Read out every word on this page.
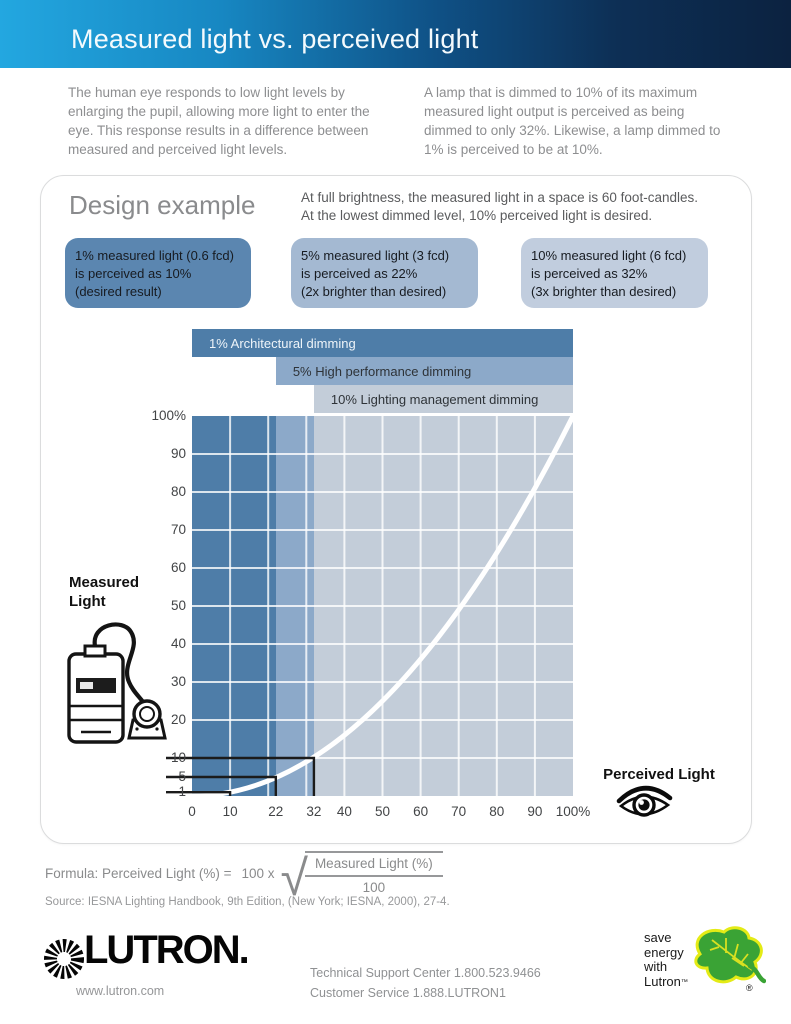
Measured light vs. perceived light

The human eye responds to low light levels by enlarging the pupil, allowing more light to enter the eye. This response results in a difference between measured and perceived light levels.

A lamp that is dimmed to 10% of its maximum measured light output is perceived as being dimmed to only 32%. Likewise, a lamp dimmed to 1% is perceived to be at 10%.

Design example	At full brightness, the measured light in a space is 60 foot-candles.
At the lowest dimmed level, 10% perceived light is desired.
1% measured light (0.6 fcd)
is perceived as 10%
(desired result)
5% measured light (3 fcd)
is perceived as 22%
(2x brighter than desired)
10% measured light (6 fcd)
is perceived as 32%
(3x brighter than desired)
1% Architectural dimming
5% High performance dimming
10% Lighting management dimming
100%
90
80
70
60
50
40
30
20
10
5
1
0	10	22	32	40	50	60	70	80	90 100%
Measured Light
Perceived Light
Formula: Perceived Light (%) = 100 x √
$\frac{\text{Measured Light (\%)}}{100}$

Source: IESNA Lighting Handbook, 9th Edition, (New York; IESNA, 2000), 27-4.

LUTRON.
www.lutron.com
Technical Support Center 1.800.523.9466
Customer Service 1.888.LUTRON1
save
energy
with
Lutron™
®
